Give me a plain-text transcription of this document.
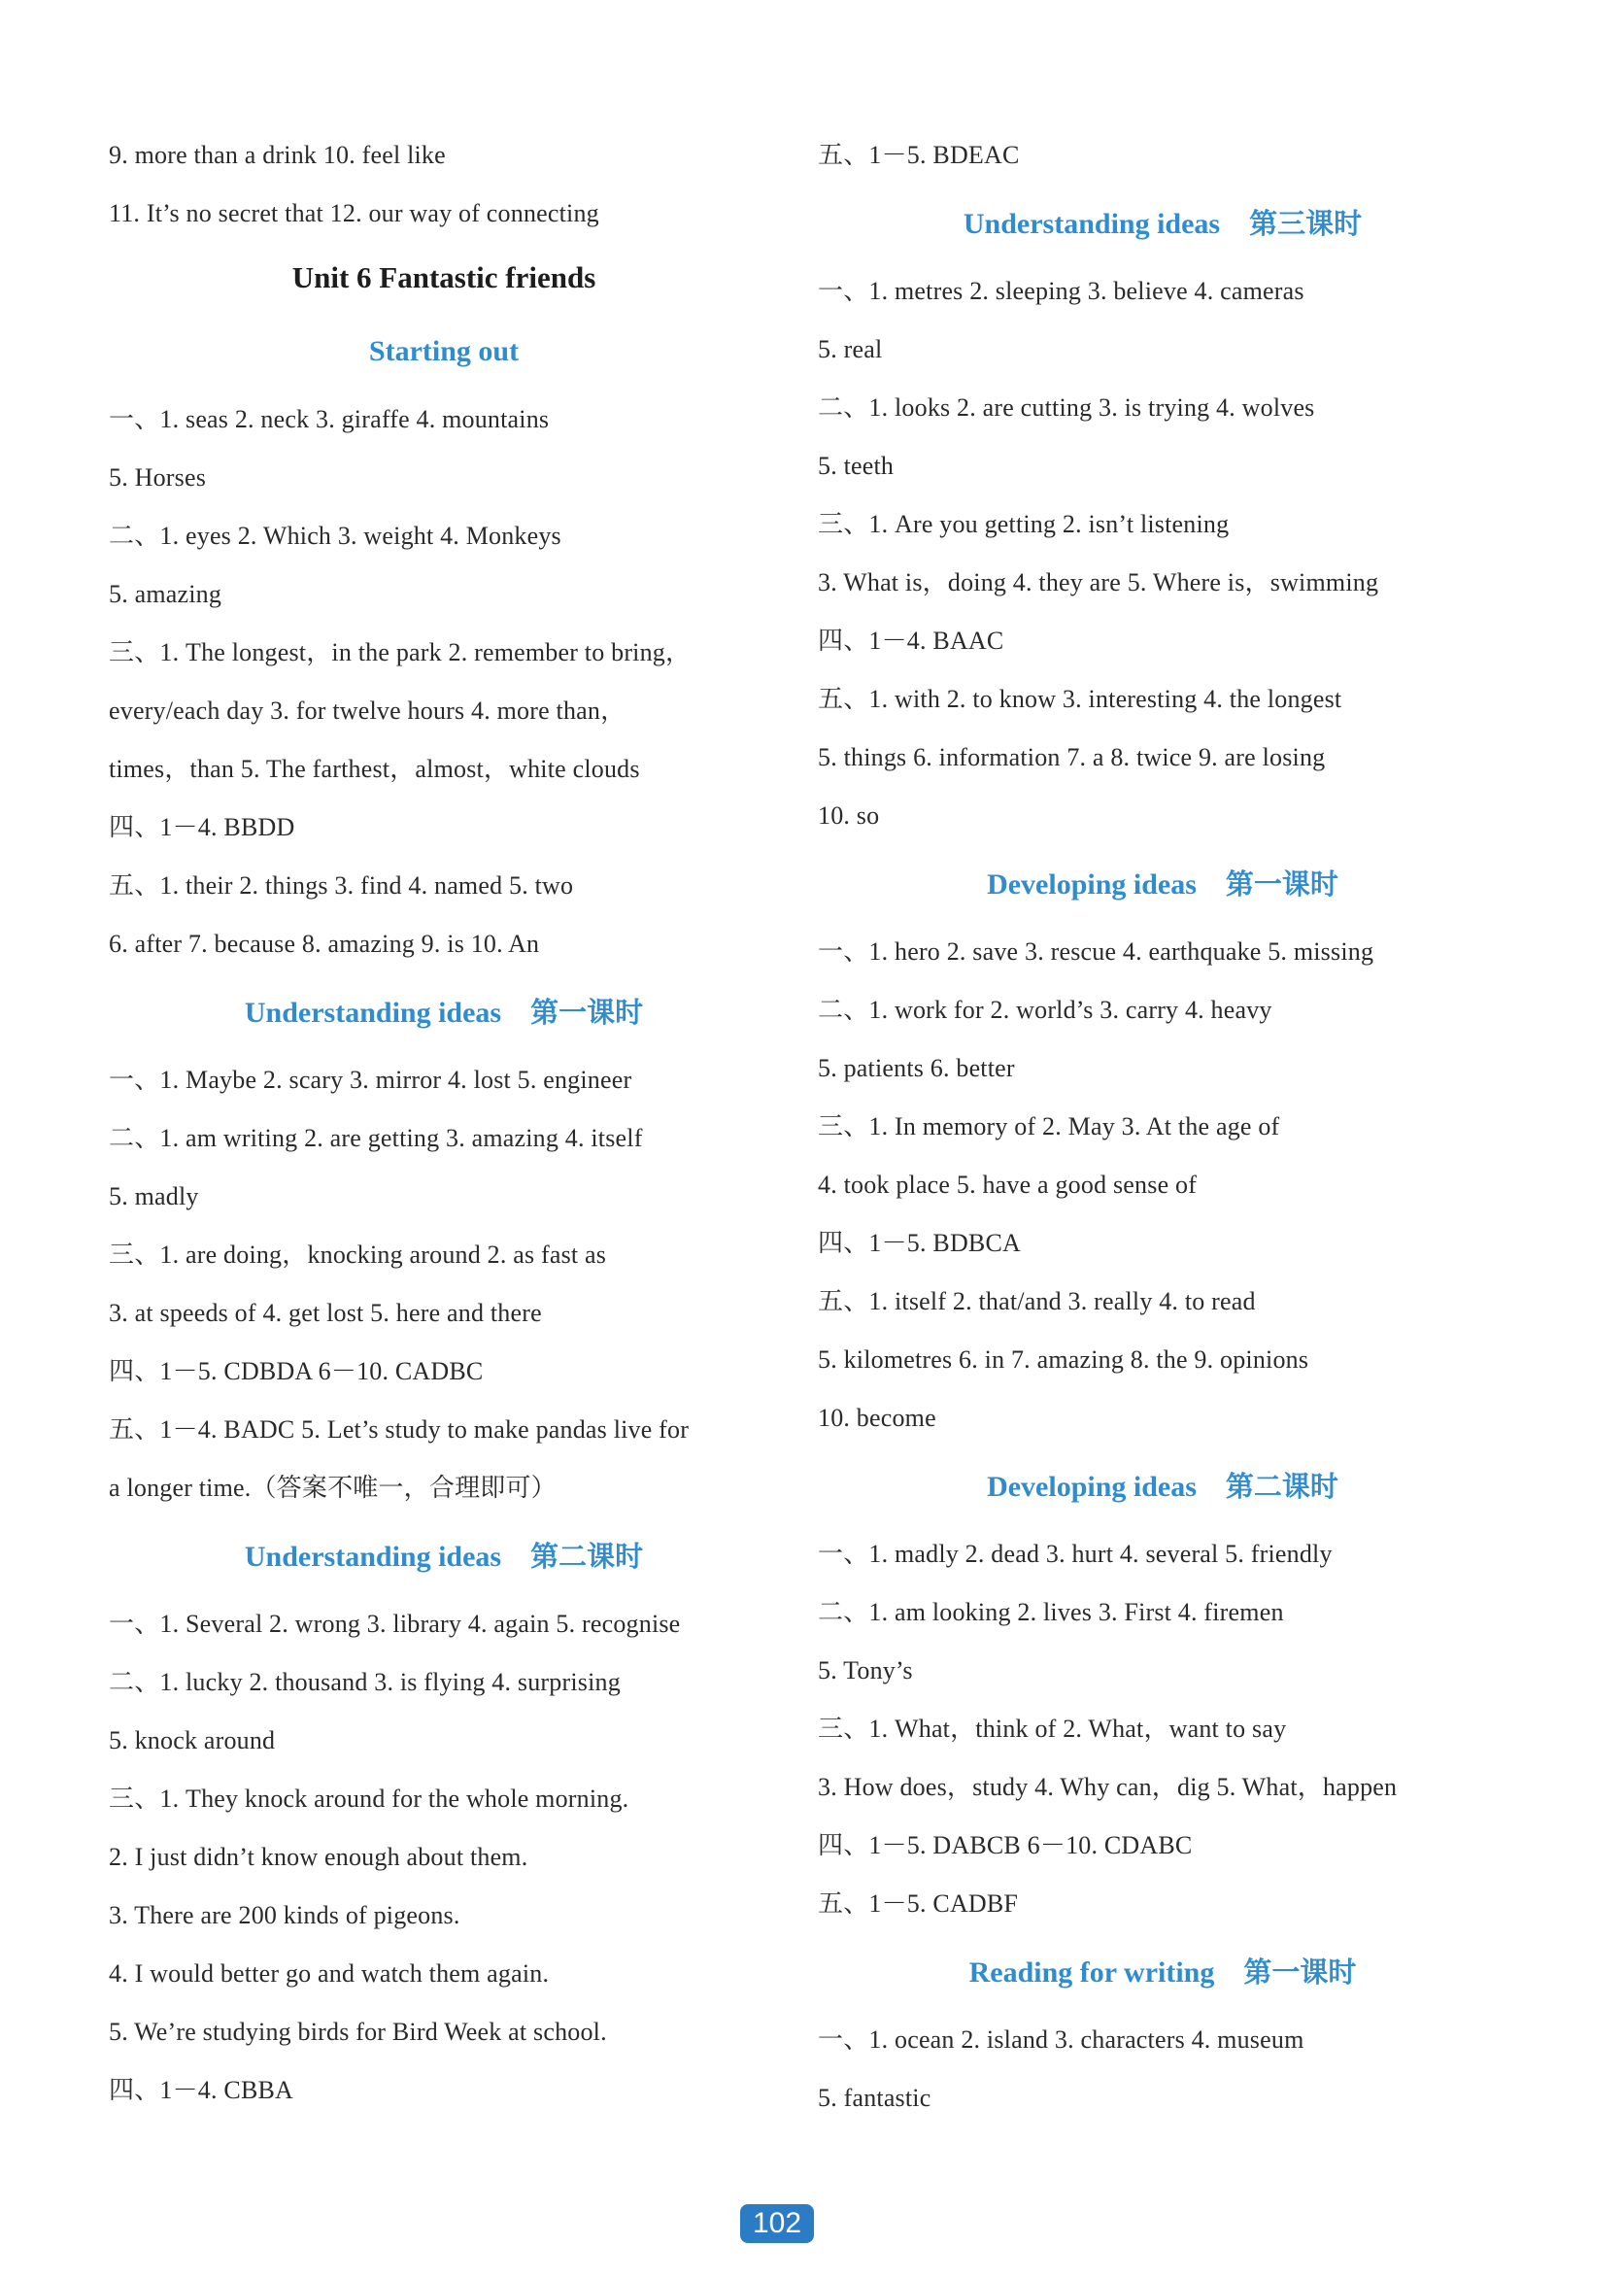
9. more than a drink 10. feel like
11. It’s no secret that 12. our way of connecting
Unit 6 Fantastic friends
Starting out
一、1. seas 2. neck 3. giraffe 4. mountains
5. Horses
二、1. eyes 2. Which 3. weight 4. Monkeys
5. amazing
三、1. The longest，in the park 2. remember to bring，
every/each day 3. for twelve hours 4. more than，
times，than 5. The farthest，almost，white clouds
四、1－4. BBDD
五、1. their 2. things 3. find 4. named 5. two
6. after 7. because 8. amazing 9. is 10. An
Understanding ideas 第一课时
一、1. Maybe 2. scary 3. mirror 4. lost 5. engineer
二、1. am writing 2. are getting 3. amazing 4. itself
5. madly
三、1. are doing，knocking around 2. as fast as
3. at speeds of 4. get lost 5. here and there
四、1－5. CDBDA 6－10. CADBC
五、1－4. BADC 5. Let’s study to make pandas live for
a longer time.（答案不唯一，合理即可）
Understanding ideas 第二课时
一、1. Several 2. wrong 3. library 4. again 5. recognise
二、1. lucky 2. thousand 3. is flying 4. surprising
5. knock around
三、1. They knock around for the whole morning.
2. I just didn’t know enough about them.
3. There are 200 kinds of pigeons.
4. I would better go and watch them again.
5. We’re studying birds for Bird Week at school.
四、1－4. CBBA
五、1－5. BDEAC
Understanding ideas 第三课时
一、1. metres 2. sleeping 3. believe 4. cameras
5. real
二、1. looks 2. are cutting 3. is trying 4. wolves
5. teeth
三、1. Are you getting 2. isn’t listening
3. What is，doing 4. they are 5. Where is，swimming
四、1－4. BAAC
五、1. with 2. to know 3. interesting 4. the longest
5. things 6. information 7. a 8. twice 9. are losing
10. so
Developing ideas 第一课时
一、1. hero 2. save 3. rescue 4. earthquake 5. missing
二、1. work for 2. world’s 3. carry 4. heavy
5. patients 6. better
三、1. In memory of 2. May 3. At the age of
4. took place 5. have a good sense of
四、1－5. BDBCA
五、1. itself 2. that/and 3. really 4. to read
5. kilometres 6. in 7. amazing 8. the 9. opinions
10. become
Developing ideas 第二课时
一、1. madly 2. dead 3. hurt 4. several 5. friendly
二、1. am looking 2. lives 3. First 4. firemen
5. Tony’s
三、1. What，think of 2. What，want to say
3. How does，study 4. Why can，dig 5. What，happen
四、1－5. DABCB 6－10. CDABC
五、1－5. CADBF
Reading for writing 第一课时
一、1. ocean 2. island 3. characters 4. museum
5. fantastic
102
